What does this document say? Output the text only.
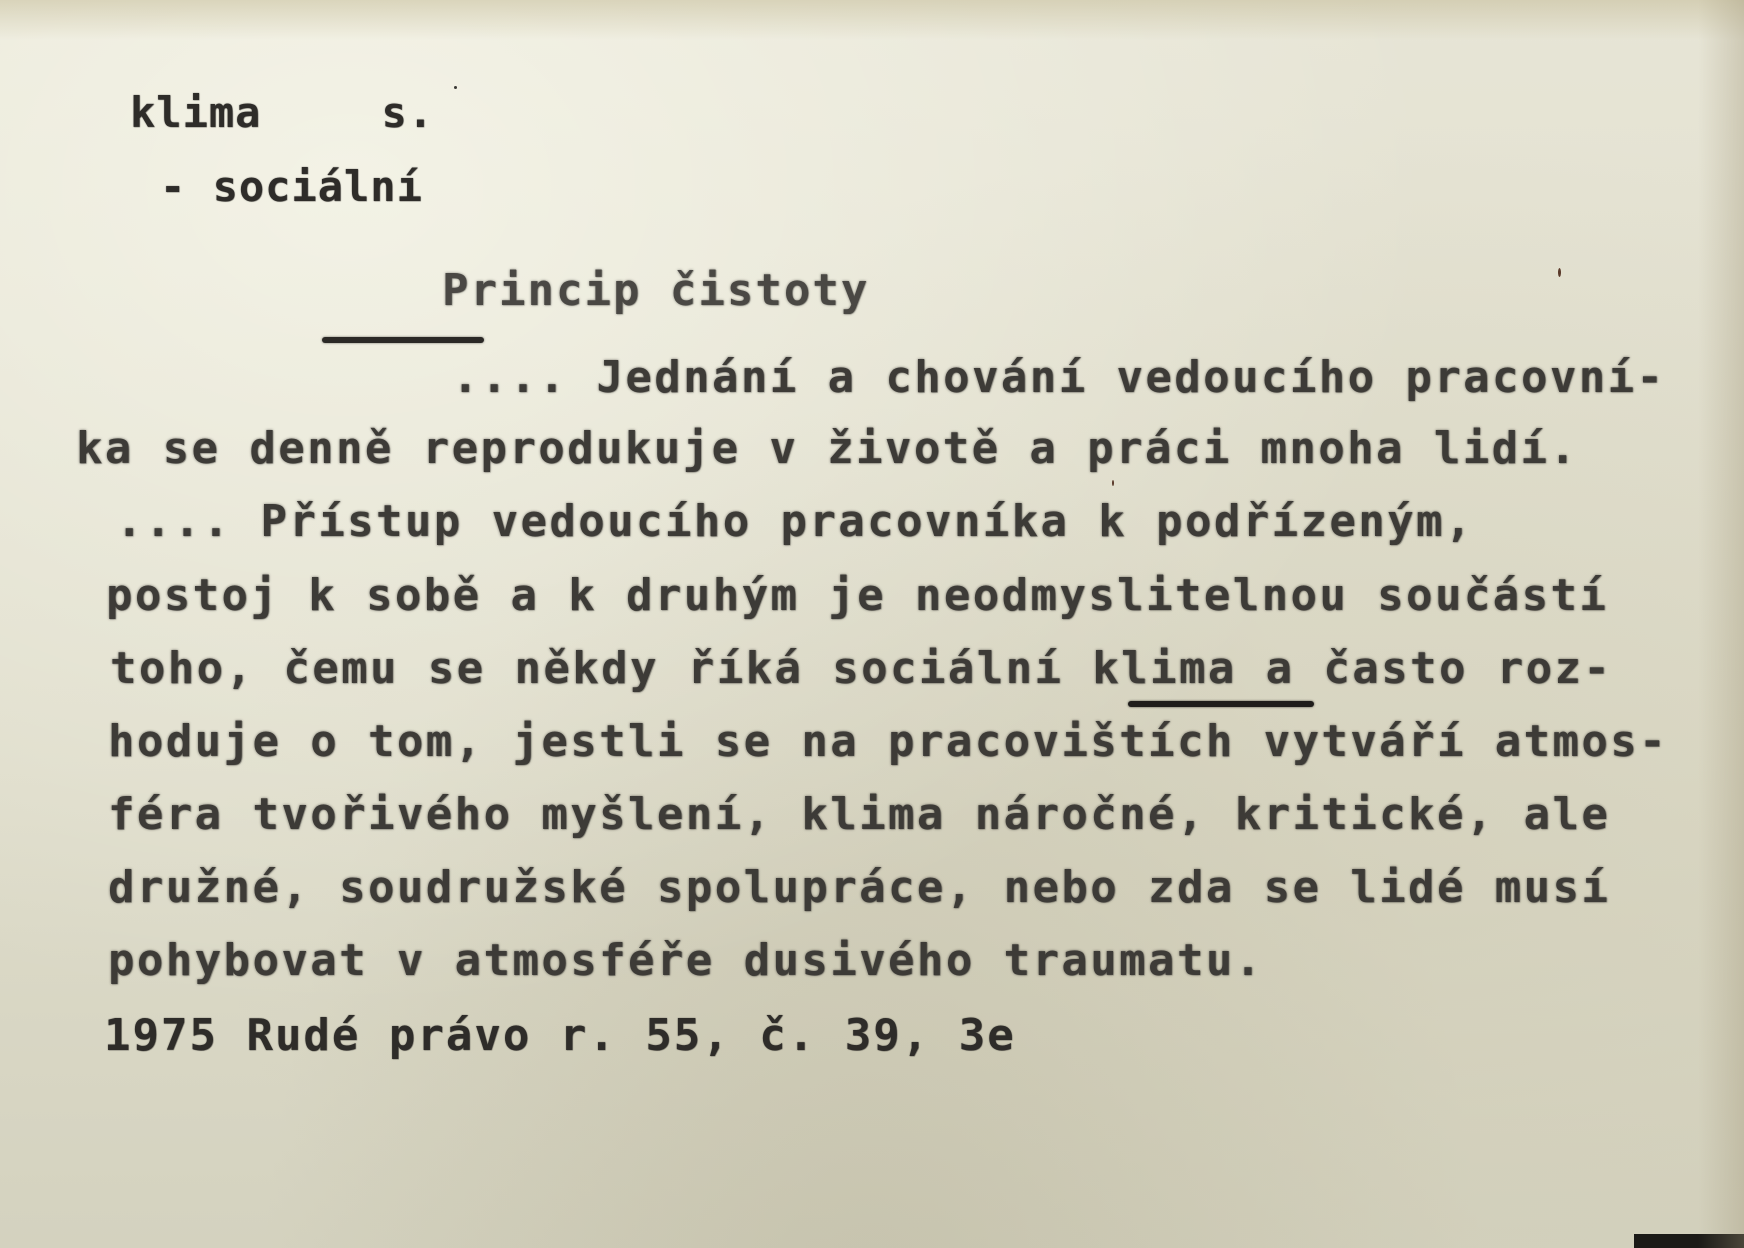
klima	s.

- sociální

Princip čistoty

.... Jednání a chování vedoucího pracovní-

ka se denně reprodukuje v životě a práci mnoha lidí.

.... Přístup vedoucího pracovníka k podřízeným,

postoj k sobě a k druhým je neodmyslitelnou součástí

toho, čemu se někdy říká sociální klima a často roz-

hoduje o tom, jestli se na pracovištích vytváří atmos-

féra tvořivého myšlení, klima náročné, kritické, ale

družné, soudružské spolupráce, nebo zda se lidé musí

pohybovat v atmosféře dusivého traumatu.

1975 Rudé právo r. 55, č. 39, 3e
